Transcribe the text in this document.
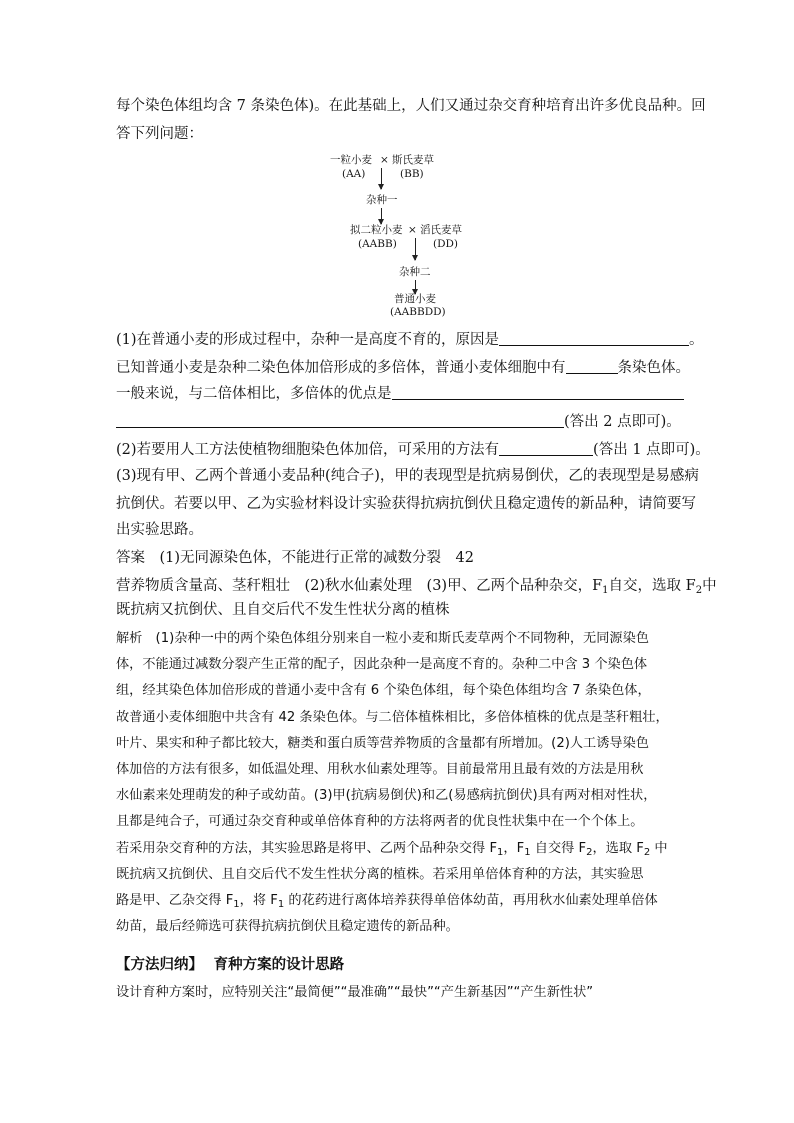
每个染色体组均含 7 条染色体)。在此基础上，人们又通过杂交育种培育出许多优良品种。回
答下列问题：
一粒小麦 × 斯氏麦草
(AA)	(BB)
杂种一
拟二粒小麦 × 滔氏麦草
(AABB)	(DD)
杂种二
普通小麦
(AABBDD)
(1)在普通小麦的形成过程中，杂种一是高度不育的，原因是	。
已知普通小麦是杂种二染色体加倍形成的多倍体，普通小麦体细胞中有	条染色体。
一般来说，与二倍体相比，多倍体的优点是
(答出 2 点即可)。
(2)若要用人工方法使植物细胞染色体加倍，可采用的方法有	(答出 1 点即可)。
(3)现有甲、乙两个普通小麦品种(纯合子)，甲的表现型是抗病易倒伏，乙的表现型是易感病
抗倒伏。若要以甲、乙为实验材料设计实验获得抗病抗倒伏且稳定遗传的新品种，请简要写
出实验思路。
答案　(1)无同源染色体，不能进行正常的减数分裂　42
营养物质含量高、茎秆粗壮　(2)秋水仙素处理　(3)甲、乙两个品种杂交，$F_1$自交，选取 $F_2$中
既抗病又抗倒伏、且自交后代不发生性状分离的植株
解析　(1)杂种一中的两个染色体组分别来自一粒小麦和斯氏麦草两个不同物种，无同源染色
体，不能通过减数分裂产生正常的配子，因此杂种一是高度不育的。杂种二中含 3 个染色体
组，经其染色体加倍形成的普通小麦中含有 6 个染色体组，每个染色体组均含 7 条染色体，
故普通小麦体细胞中共含有 42 条染色体。与二倍体植株相比，多倍体植株的优点是茎秆粗壮，
叶片、果实和种子都比较大，糖类和蛋白质等营养物质的含量都有所增加。(2)人工诱导染色
体加倍的方法有很多，如低温处理、用秋水仙素处理等。目前最常用且最有效的方法是用秋
水仙素来处理萌发的种子或幼苗。(3)甲(抗病易倒伏)和乙(易感病抗倒伏)具有两对相对性状，
且都是纯合子，可通过杂交育种或单倍体育种的方法将两者的优良性状集中在一个个体上。
若采用杂交育种的方法，其实验思路是将甲、乙两个品种杂交得 $F_1$，$F_1$ 自交得 $F_2$，选取 $F_2$ 中
既抗病又抗倒伏、且自交后代不发生性状分离的植株。若采用单倍体育种的方法，其实验思
路是甲、乙杂交得 $F_1$，将 $F_1$ 的花药进行离体培养获得单倍体幼苗，再用秋水仙素处理单倍体
幼苗，最后经筛选可获得抗病抗倒伏且稳定遗传的新品种。
【方法归纳】 育种方案的设计思路
设计育种方案时，应特别关注“最简便”“最准确”“最快”“产生新基因”“产生新性状”
